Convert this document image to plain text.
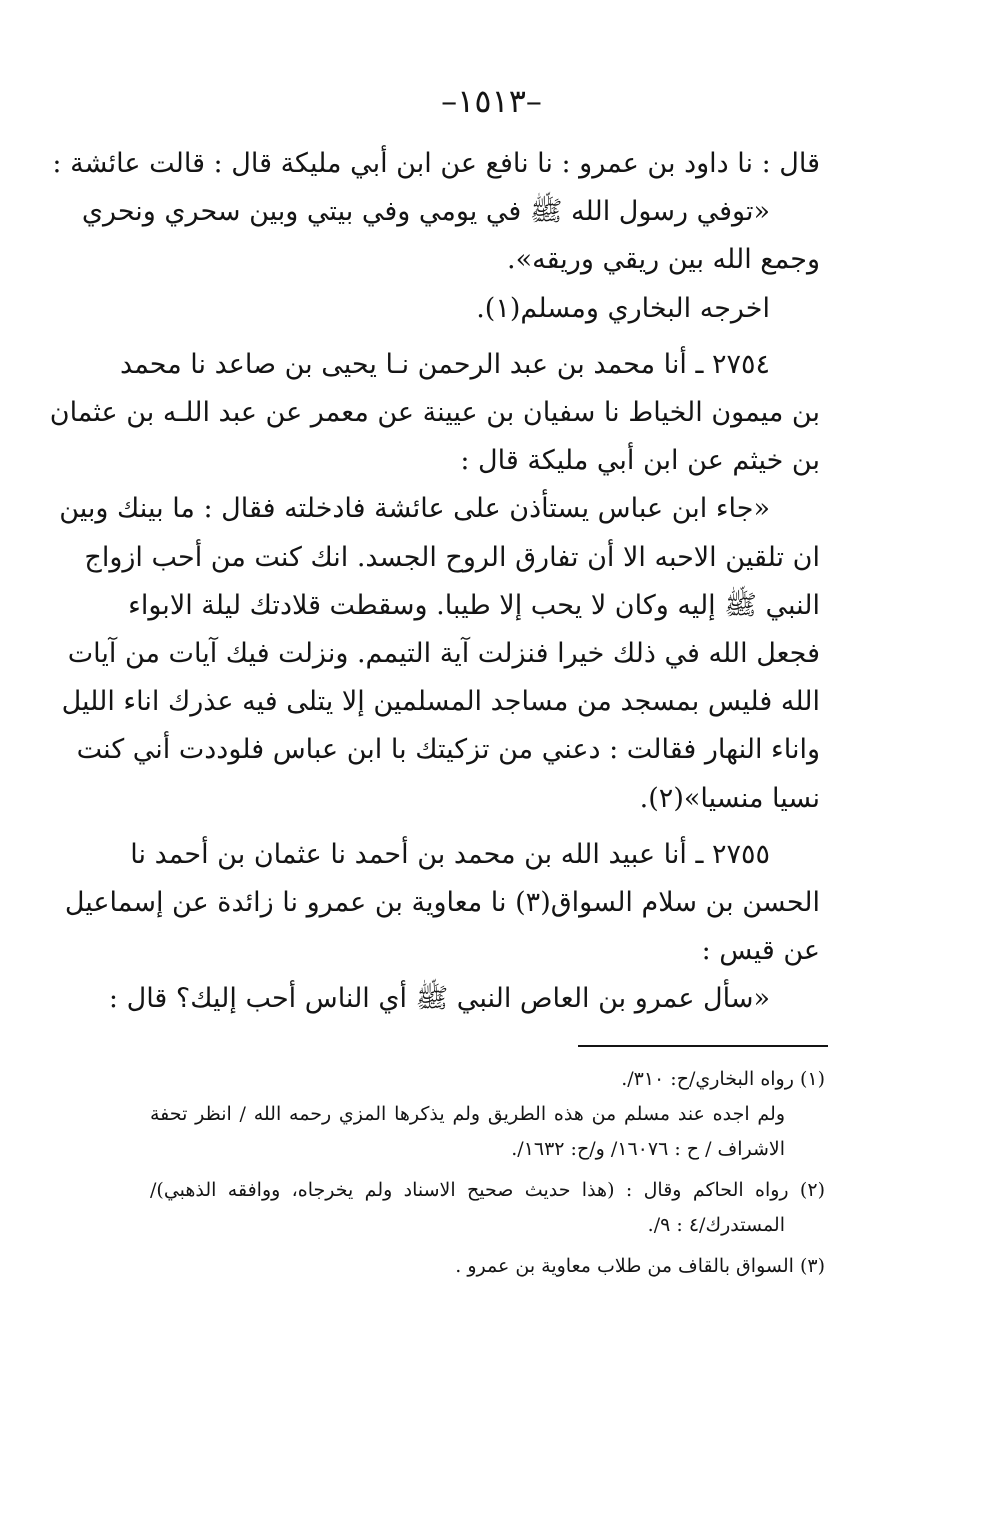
–١٥١٣–
قال : نا داود بن عمرو : نا نافع عن ابن أبي مليكة قال : قالت عائشة :
«توفي رسول الله ﷺ في يومي وفي بيتي وبين سحري ونحري
وجمع الله بين ريقي وريقه».
اخرجه البخاري ومسلم(١).
٢٧٥٤ ـ أنا محمد بن عبد الرحمن نـا يحيى بن صاعد نا محمد
بن ميمون الخياط نا سفيان بن عيينة عن معمر عن عبد اللـه بن عثمان
بن خيثم عن ابن أبي مليكة قال :
«جاء ابن عباس يستأذن على عائشة فادخلته فقال : ما بينك وبين
ان تلقين الاحبه الا أن تفارق الروح الجسد. انك كنت من أحب ازواج
النبي ﷺ إليه وكان لا يحب إلا طيبا. وسقطت قلادتك ليلة الابواء
فجعل الله في ذلك خيرا فنزلت آية التيمم. ونزلت فيك آيات من آيات
الله فليس بمسجد من مساجد المسلمين إلا يتلى فيه عذرك اناء الليل
واناء النهار فقالت : دعني من تزكيتك با ابن عباس فلوددت أني كنت
نسيا منسيا»(٢).
٢٧٥٥ ـ أنا عبيد الله بن محمد بن أحمد نا عثمان بن أحمد نا
الحسن بن سلام السواق(٣) نا معاوية بن عمرو نا زائدة عن إسماعيل
عن قيس :
«سأل عمرو بن العاص النبي ﷺ أي الناس أحب إليك؟ قال :
(١) رواه البخاري/ح: ٣١٠/.
ولم اجده عند مسلم من هذه الطريق ولم يذكرها المزي رحمه الله / انظر تحفة
الاشراف / ح : ١٦٠٧٦/ و/ح: ١٦٣٢/.
(٢) رواه الحاكم وقال : (هذا حديث صحيح الاسناد ولم يخرجاه، ووافقه الذهبي)/
المستدرك/٤ : ٩/.
(٣) السواق بالقاف من طلاب معاوية بن عمرو .
